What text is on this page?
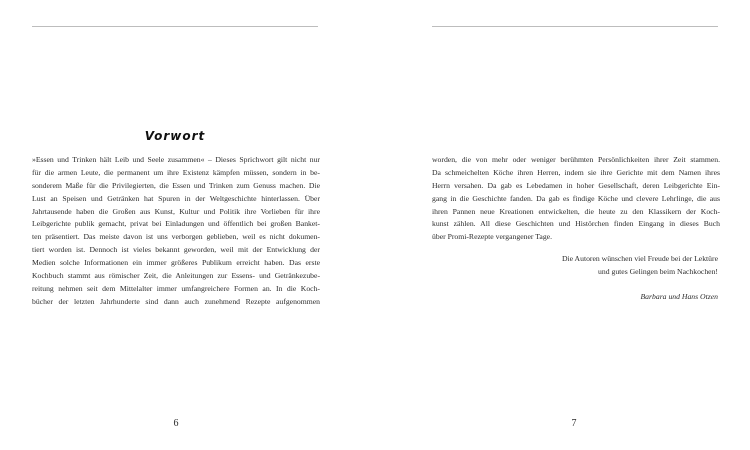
Vorwort
»Essen und Trinken hält Leib und Seele zusammen« – Dieses Sprichwort gilt nicht nur
für die armen Leute, die permanent um ihre Existenz kämpfen müssen, sondern in be-
sonderem Maße für die Privilegierten, die Essen und Trinken zum Genuss machen. Die
Lust an Speisen und Getränken hat Spuren in der Weltgeschichte hinterlassen. Über
Jahrtausende haben die Großen aus Kunst, Kultur und Politik ihre Vorlieben für ihre
Leibgerichte publik gemacht, privat bei Einladungen und öffentlich bei großen Banket-
ten präsentiert. Das meiste davon ist uns verborgen geblieben, weil es nicht dokumen-
tiert worden ist. Dennoch ist vieles bekannt geworden, weil mit der Entwicklung der
Medien solche Informationen ein immer größeres Publikum erreicht haben. Das erste
Kochbuch stammt aus römischer Zeit, die Anleitungen zur Essens- und Getränkezube-
reitung nehmen seit dem Mittelalter immer umfangreichere Formen an. In die Koch-
bücher der letzten Jahrhunderte sind dann auch zunehmend Rezepte aufgenommen
6
worden, die von mehr oder weniger berühmten Persönlichkeiten ihrer Zeit stammen.
Da schmeichelten Köche ihren Herren, indem sie ihre Gerichte mit dem Namen ihres
Herrn versahen. Da gab es Lebedamen in hoher Gesellschaft, deren Leibgerichte Ein-
gang in die Geschichte fanden. Da gab es findige Köche und clevere Lehrlinge, die aus
ihren Pannen neue Kreationen entwickelten, die heute zu den Klassikern der Koch-
kunst zählen. All diese Geschichten und Histörchen finden Eingang in dieses Buch
über Promi-Rezepte vergangener Tage.
Die Autoren wünschen viel Freude bei der Lektüre
und gutes Gelingen beim Nachkochen!
Barbara und Hans Otzen
7
